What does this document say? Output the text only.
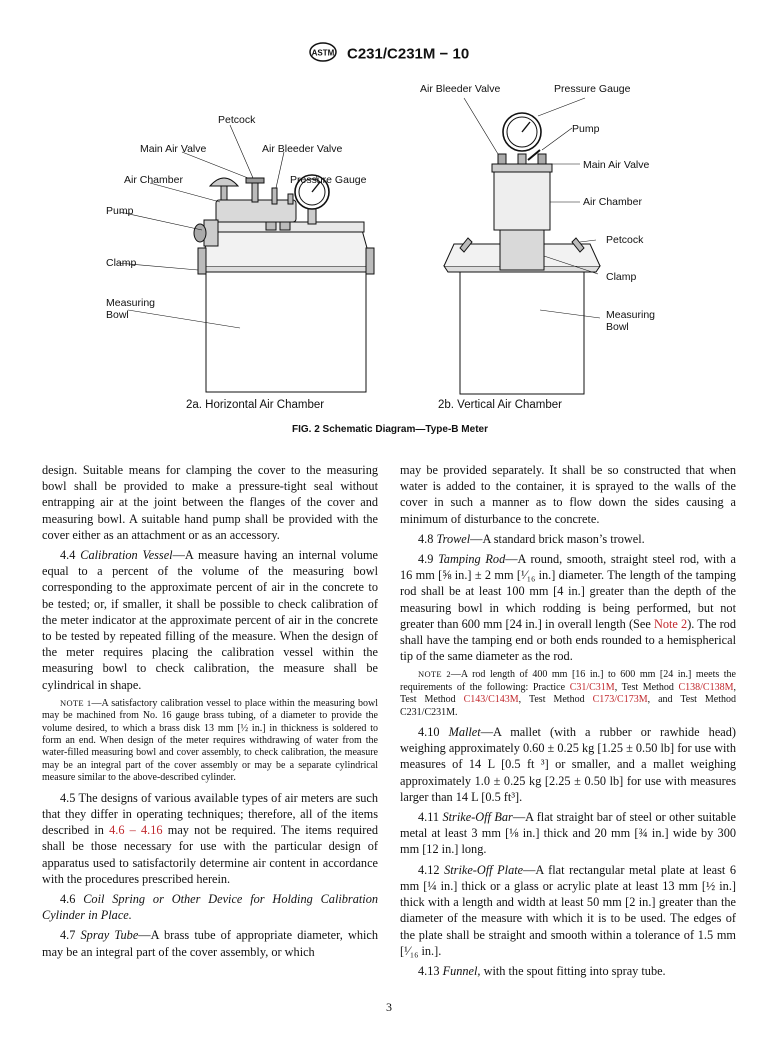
ASTM C231/C231M − 10
Petcock
Main Air Valve	Air Bleeder Valve
Air Chamber	Pressure Gauge
Pump
Clamp
Measuring
Bowl
Air Bleeder Valve	Pressure Gauge
Pump
Main Air Valve
Air Chamber
Petcock
Clamp
Measuring
Bowl
2a. Horizontal Air Chamber	2b. Vertical Air Chamber
FIG. 2 Schematic Diagram—Type-B Meter

design. Suitable means for clamping the cover to the measuring bowl shall be provided to make a pressure-tight seal without entrapping air at the joint between the flanges of the cover and measuring bowl. A suitable hand pump shall be provided with the cover either as an attachment or as an accessory.

4.4 Calibration Vessel—A measure having an internal volume equal to a percent of the volume of the measuring bowl corresponding to the approximate percent of air in the concrete to be tested; or, if smaller, it shall be possible to check calibration of the meter indicator at the approximate percent of air in the concrete to be tested by repeated filling of the measure. When the design of the meter requires placing the calibration vessel within the measuring bowl to check calibration, the measure shall be cylindrical in shape.

NOTE 1—A satisfactory calibration vessel to place within the measuring bowl may be machined from No. 16 gauge brass tubing, of a diameter to provide the volume desired, to which a brass disk 13 mm [½ in.] in thickness is soldered to form an end. When design of the meter requires withdrawing of water from the water-filled measuring bowl and cover assembly, to check calibration, the measure may be an integral part of the cover assembly or may be a separate cylindrical measure similar to the above-described cylinder.

4.5 The designs of various available types of air meters are such that they differ in operating techniques; therefore, all of the items described in 4.6 – 4.16 may not be required. The items required shall be those necessary for use with the particular design of apparatus used to satisfactorily determine air content in accordance with the procedures prescribed herein.

4.6 Coil Spring or Other Device for Holding Calibration Cylinder in Place.

4.7 Spray Tube—A brass tube of appropriate diameter, which may be an integral part of the cover assembly, or which

may be provided separately. It shall be so constructed that when water is added to the container, it is sprayed to the walls of the cover in such a manner as to flow down the sides causing a minimum of disturbance to the concrete.

4.8 Trowel—A standard brick mason’s trowel.

4.9 Tamping Rod—A round, smooth, straight steel rod, with a 16 mm [⅝ in.] ± 2 mm [¹⁄₁₆ in.] diameter. The length of the tamping rod shall be at least 100 mm [4 in.] greater than the depth of the measuring bowl in which rodding is being performed, but not greater than 600 mm [24 in.] in overall length (See Note 2). The rod shall have the tamping end or both ends rounded to a hemispherical tip of the same diameter as the rod.

NOTE 2—A rod length of 400 mm [16 in.] to 600 mm [24 in.] meets the requirements of the following: Practice C31/C31M, Test Method C138/C138M, Test Method C143/C143M, Test Method C173/C173M, and Test Method C231/C231M.

4.10 Mallet—A mallet (with a rubber or rawhide head) weighing approximately 0.60 ± 0.25 kg [1.25 ± 0.50 lb] for use with measures of 14 L [0.5 ft ³] or smaller, and a mallet weighing approximately 1.0 ± 0.25 kg [2.25 ± 0.50 lb] for use with measures larger than 14 L [0.5 ft³].

4.11 Strike-Off Bar—A flat straight bar of steel or other suitable metal at least 3 mm [⅛ in.] thick and 20 mm [¾ in.] wide by 300 mm [12 in.] long.

4.12 Strike-Off Plate—A flat rectangular metal plate at least 6 mm [¼ in.] thick or a glass or acrylic plate at least 13 mm [½ in.] thick with a length and width at least 50 mm [2 in.] greater than the diameter of the measure with which it is to be used. The edges of the plate shall be straight and smooth within a tolerance of 1.5 mm [¹⁄₁₆ in.].

4.13 Funnel, with the spout fitting into spray tube.

3
